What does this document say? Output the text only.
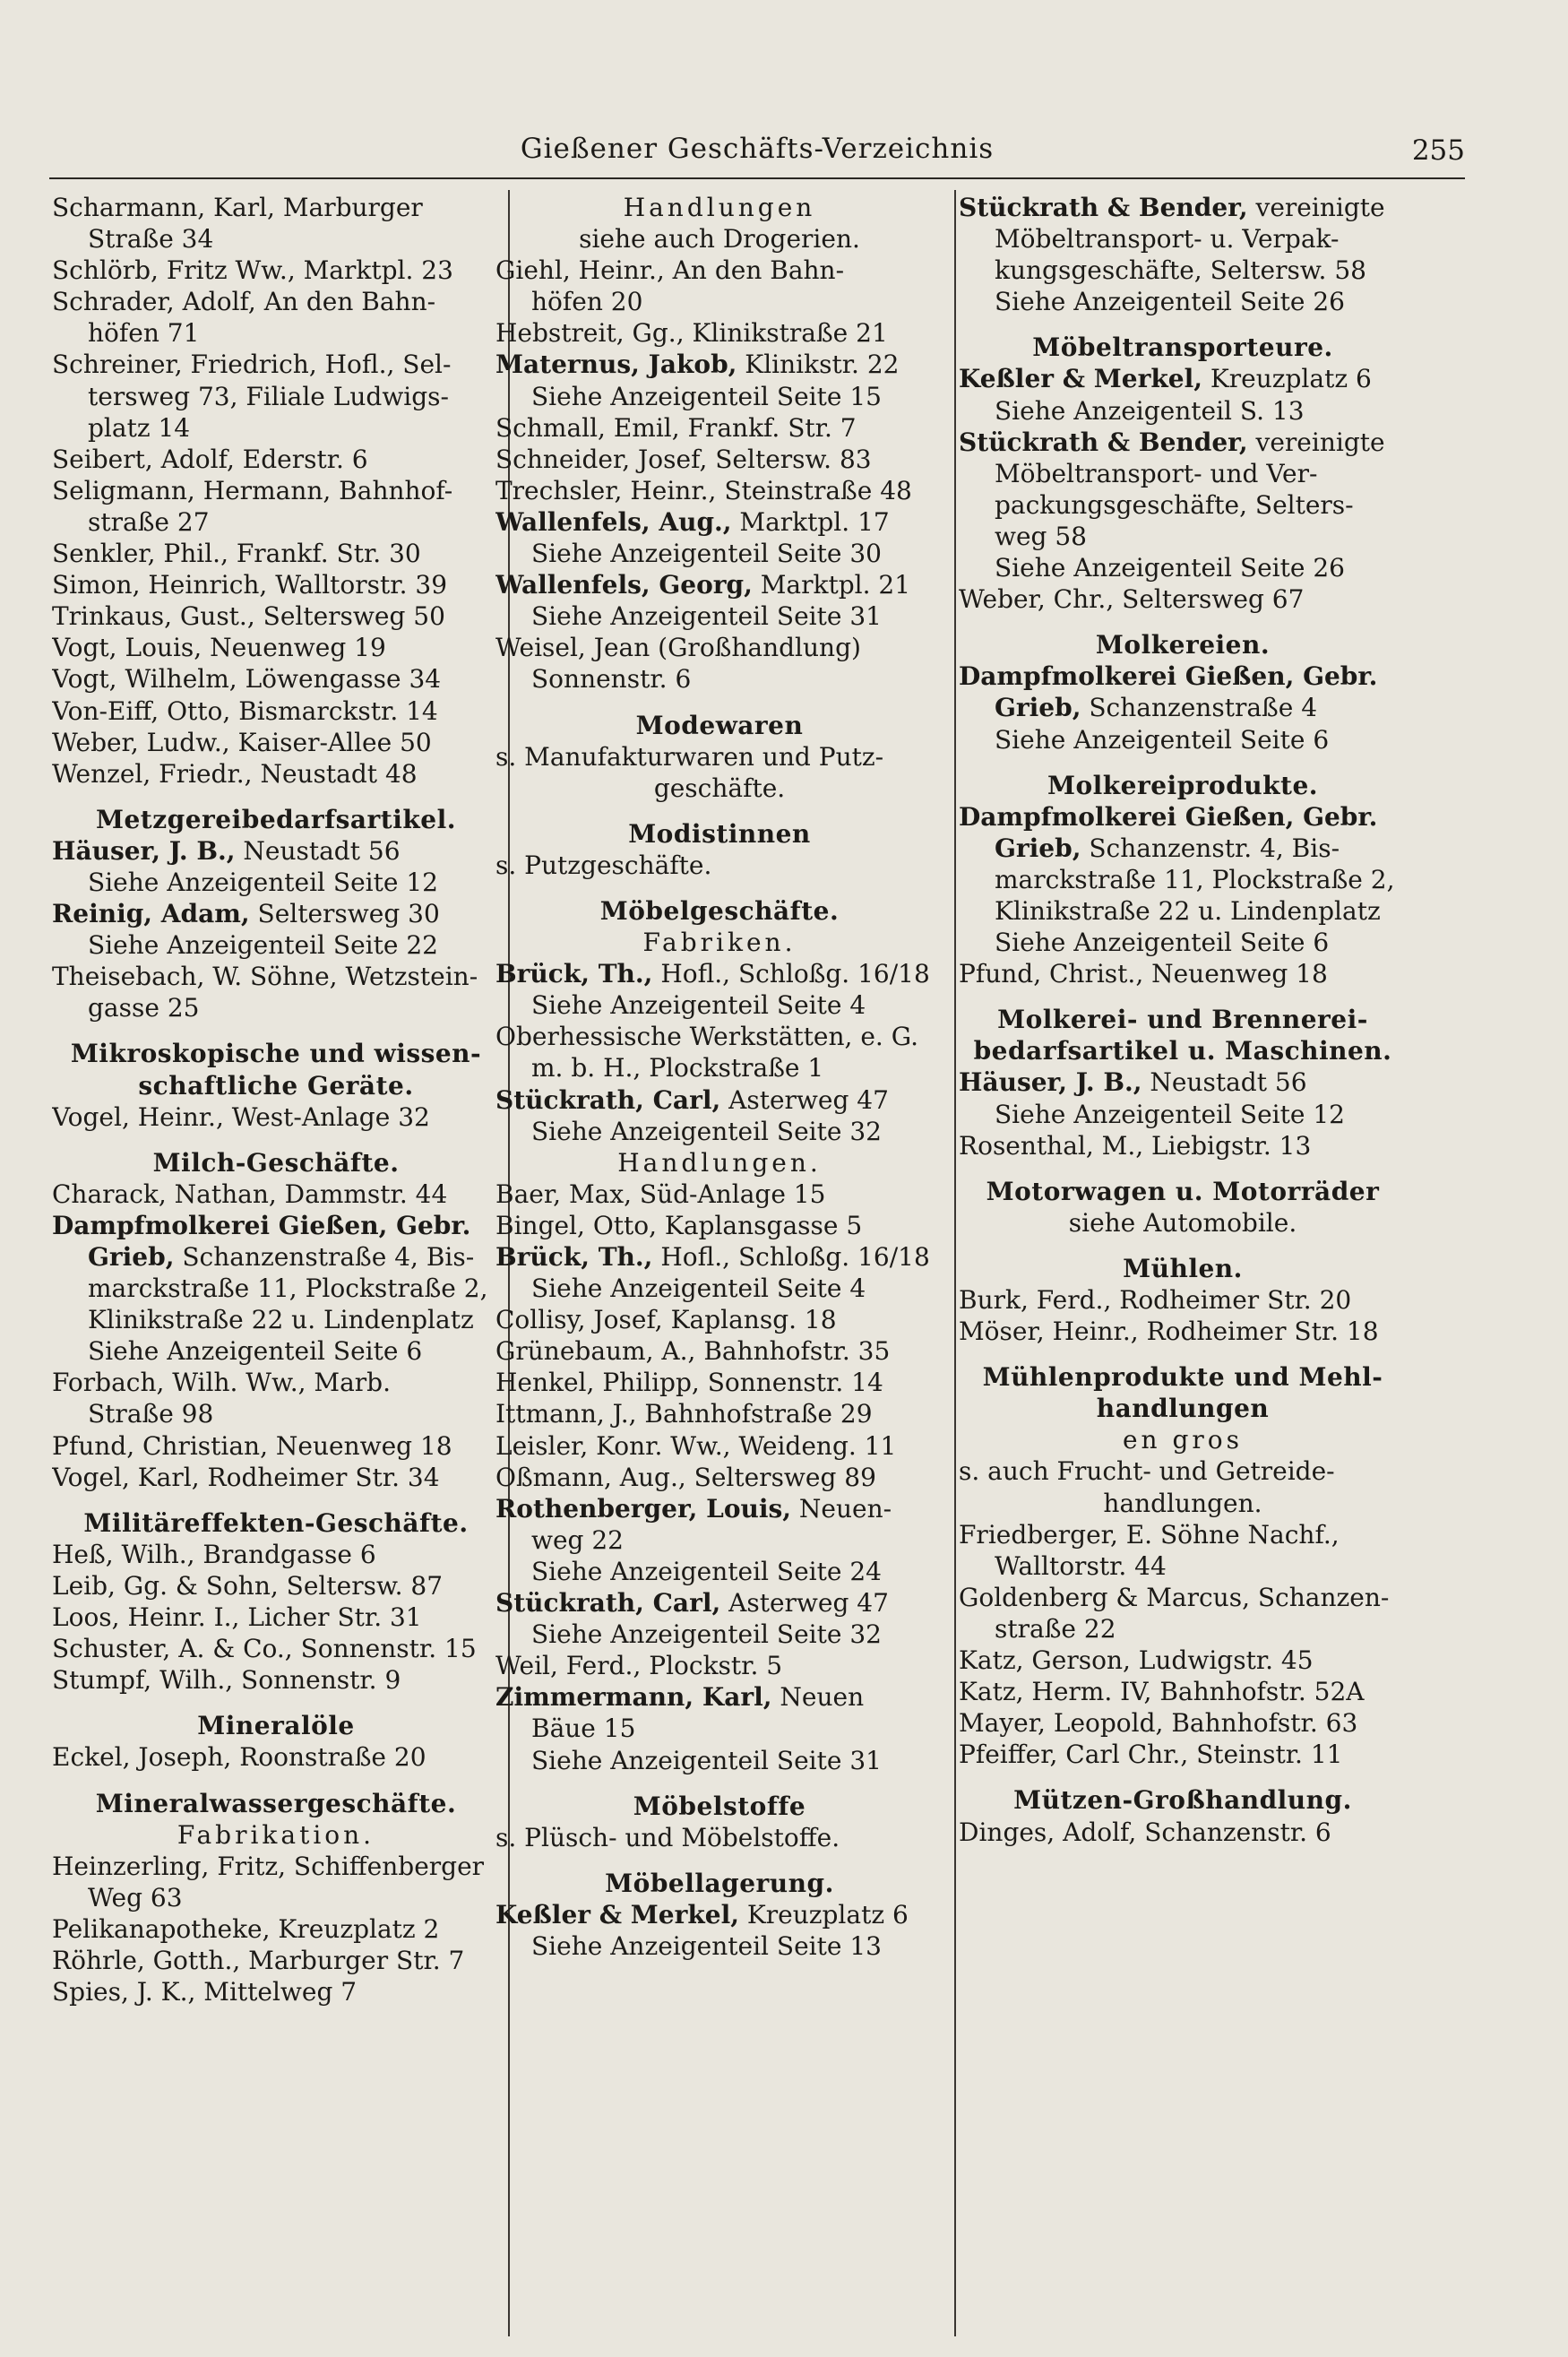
Gießener Geschäfts-Verzeichnis	255
Scharmann, Karl, Marburger
Straße 34
Schlörb, Fritz Ww., Marktpl. 23
Schrader, Adolf, An den Bahn-
höfen 71
Schreiner, Friedrich, Hofl., Sel-
tersweg 73, Filiale Ludwigs-
platz 14
Seibert, Adolf, Ederstr. 6
Seligmann, Hermann, Bahnhof-
straße 27
Senkler, Phil., Frankf. Str. 30
Simon, Heinrich, Walltorstr. 39
Trinkaus, Gust., Seltersweg 50
Vogt, Louis, Neuenweg 19
Vogt, Wilhelm, Löwengasse 34
Von-Eiff, Otto, Bismarckstr. 14
Weber, Ludw., Kaiser-Allee 50
Wenzel, Friedr., Neustadt 48
Metzgereibedarfsartikel.
Häuser, J. B., Neustadt 56
Siehe Anzeigenteil Seite 12
Reinig, Adam, Seltersweg 30
Siehe Anzeigenteil Seite 22
Theisebach, W. Söhne, Wetzstein-
gasse 25
Mikroskopische und wissen-
schaftliche Geräte.
Vogel, Heinr., West-Anlage 32
Milch-Geschäfte.
Charack, Nathan, Dammstr. 44
Dampfmolkerei Gießen, Gebr.
Grieb, Schanzenstraße 4, Bis-
marckstraße 11, Plockstraße 2,
Klinikstraße 22 u. Lindenplatz
Siehe Anzeigenteil Seite 6
Forbach, Wilh. Ww., Marb.
Straße 98
Pfund, Christian, Neuenweg 18
Vogel, Karl, Rodheimer Str. 34
Militäreffekten-Geschäfte.
Heß, Wilh., Brandgasse 6
Leib, Gg. & Sohn, Seltersw. 87
Loos, Heinr. I., Licher Str. 31
Schuster, A. & Co., Sonnenstr. 15
Stumpf, Wilh., Sonnenstr. 9
Mineralöle
Eckel, Joseph, Roonstraße 20
Mineralwassergeschäfte.
Fabrikation.
Heinzerling, Fritz, Schiffenberger
Weg 63
Pelikanapotheke, Kreuzplatz 2
Röhrle, Gotth., Marburger Str. 7
Spies, J. K., Mittelweg 7
Handlungen
siehe auch Drogerien.
Giehl, Heinr., An den Bahn-
höfen 20
Hebstreit, Gg., Klinikstraße 21
Maternus, Jakob, Klinikstr. 22
Siehe Anzeigenteil Seite 15
Schmall, Emil, Frankf. Str. 7
Schneider, Josef, Seltersw. 83
Trechsler, Heinr., Steinstraße 48
Wallenfels, Aug., Marktpl. 17
Siehe Anzeigenteil Seite 30
Wallenfels, Georg, Marktpl. 21
Siehe Anzeigenteil Seite 31
Weisel, Jean (Großhandlung)
Sonnenstr. 6
Modewaren
s. Manufakturwaren und Putz-
geschäfte.
Modistinnen
s. Putzgeschäfte.
Möbelgeschäfte.
Fabriken.
Brück, Th., Hofl., Schloßg. 16/18
Siehe Anzeigenteil Seite 4
Oberhessische Werkstätten, e. G.
m. b. H., Plockstraße 1
Stückrath, Carl, Asterweg 47
Siehe Anzeigenteil Seite 32
Handlungen.
Baer, Max, Süd-Anlage 15
Bingel, Otto, Kaplansgasse 5
Brück, Th., Hofl., Schloßg. 16/18
Siehe Anzeigenteil Seite 4
Collisy, Josef, Kaplansg. 18
Grünebaum, A., Bahnhofstr. 35
Henkel, Philipp, Sonnenstr. 14
Ittmann, J., Bahnhofstraße 29
Leisler, Konr. Ww., Weideng. 11
Oßmann, Aug., Seltersweg 89
Rothenberger, Louis, Neuen-
weg 22
Siehe Anzeigenteil Seite 24
Stückrath, Carl, Asterweg 47
Siehe Anzeigenteil Seite 32
Weil, Ferd., Plockstr. 5
Zimmermann, Karl, Neuen
Bäue 15
Siehe Anzeigenteil Seite 31
Möbelstoffe
s. Plüsch- und Möbelstoffe.
Möbellagerung.
Keßler & Merkel, Kreuzplatz 6
Siehe Anzeigenteil Seite 13
Stückrath & Bender, vereinigte
Möbeltransport- u. Verpak-
kungsgeschäfte, Seltersw. 58
Siehe Anzeigenteil Seite 26
Möbeltransporteure.
Keßler & Merkel, Kreuzplatz 6
Siehe Anzeigenteil S. 13
Stückrath & Bender, vereinigte
Möbeltransport- und Ver-
packungsgeschäfte, Selters-
weg 58
Siehe Anzeigenteil Seite 26
Weber, Chr., Seltersweg 67
Molkereien.
Dampfmolkerei Gießen, Gebr.
Grieb, Schanzenstraße 4
Siehe Anzeigenteil Seite 6
Molkereiprodukte.
Dampfmolkerei Gießen, Gebr.
Grieb, Schanzenstr. 4, Bis-
marckstraße 11, Plockstraße 2,
Klinikstraße 22 u. Lindenplatz
Siehe Anzeigenteil Seite 6
Pfund, Christ., Neuenweg 18
Molkerei- und Brennerei-
bedarfsartikel u. Maschinen.
Häuser, J. B., Neustadt 56
Siehe Anzeigenteil Seite 12
Rosenthal, M., Liebigstr. 13
Motorwagen u. Motorräder
siehe Automobile.
Mühlen.
Burk, Ferd., Rodheimer Str. 20
Möser, Heinr., Rodheimer Str. 18
Mühlenprodukte und Mehl-
handlungen
en gros
s. auch Frucht- und Getreide-
handlungen.
Friedberger, E. Söhne Nachf.,
Walltorstr. 44
Goldenberg & Marcus, Schanzen-
straße 22
Katz, Gerson, Ludwigstr. 45
Katz, Herm. IV, Bahnhofstr. 52A
Mayer, Leopold, Bahnhofstr. 63
Pfeiffer, Carl Chr., Steinstr. 11
Mützen-Großhandlung.
Dinges, Adolf, Schanzenstr. 6
